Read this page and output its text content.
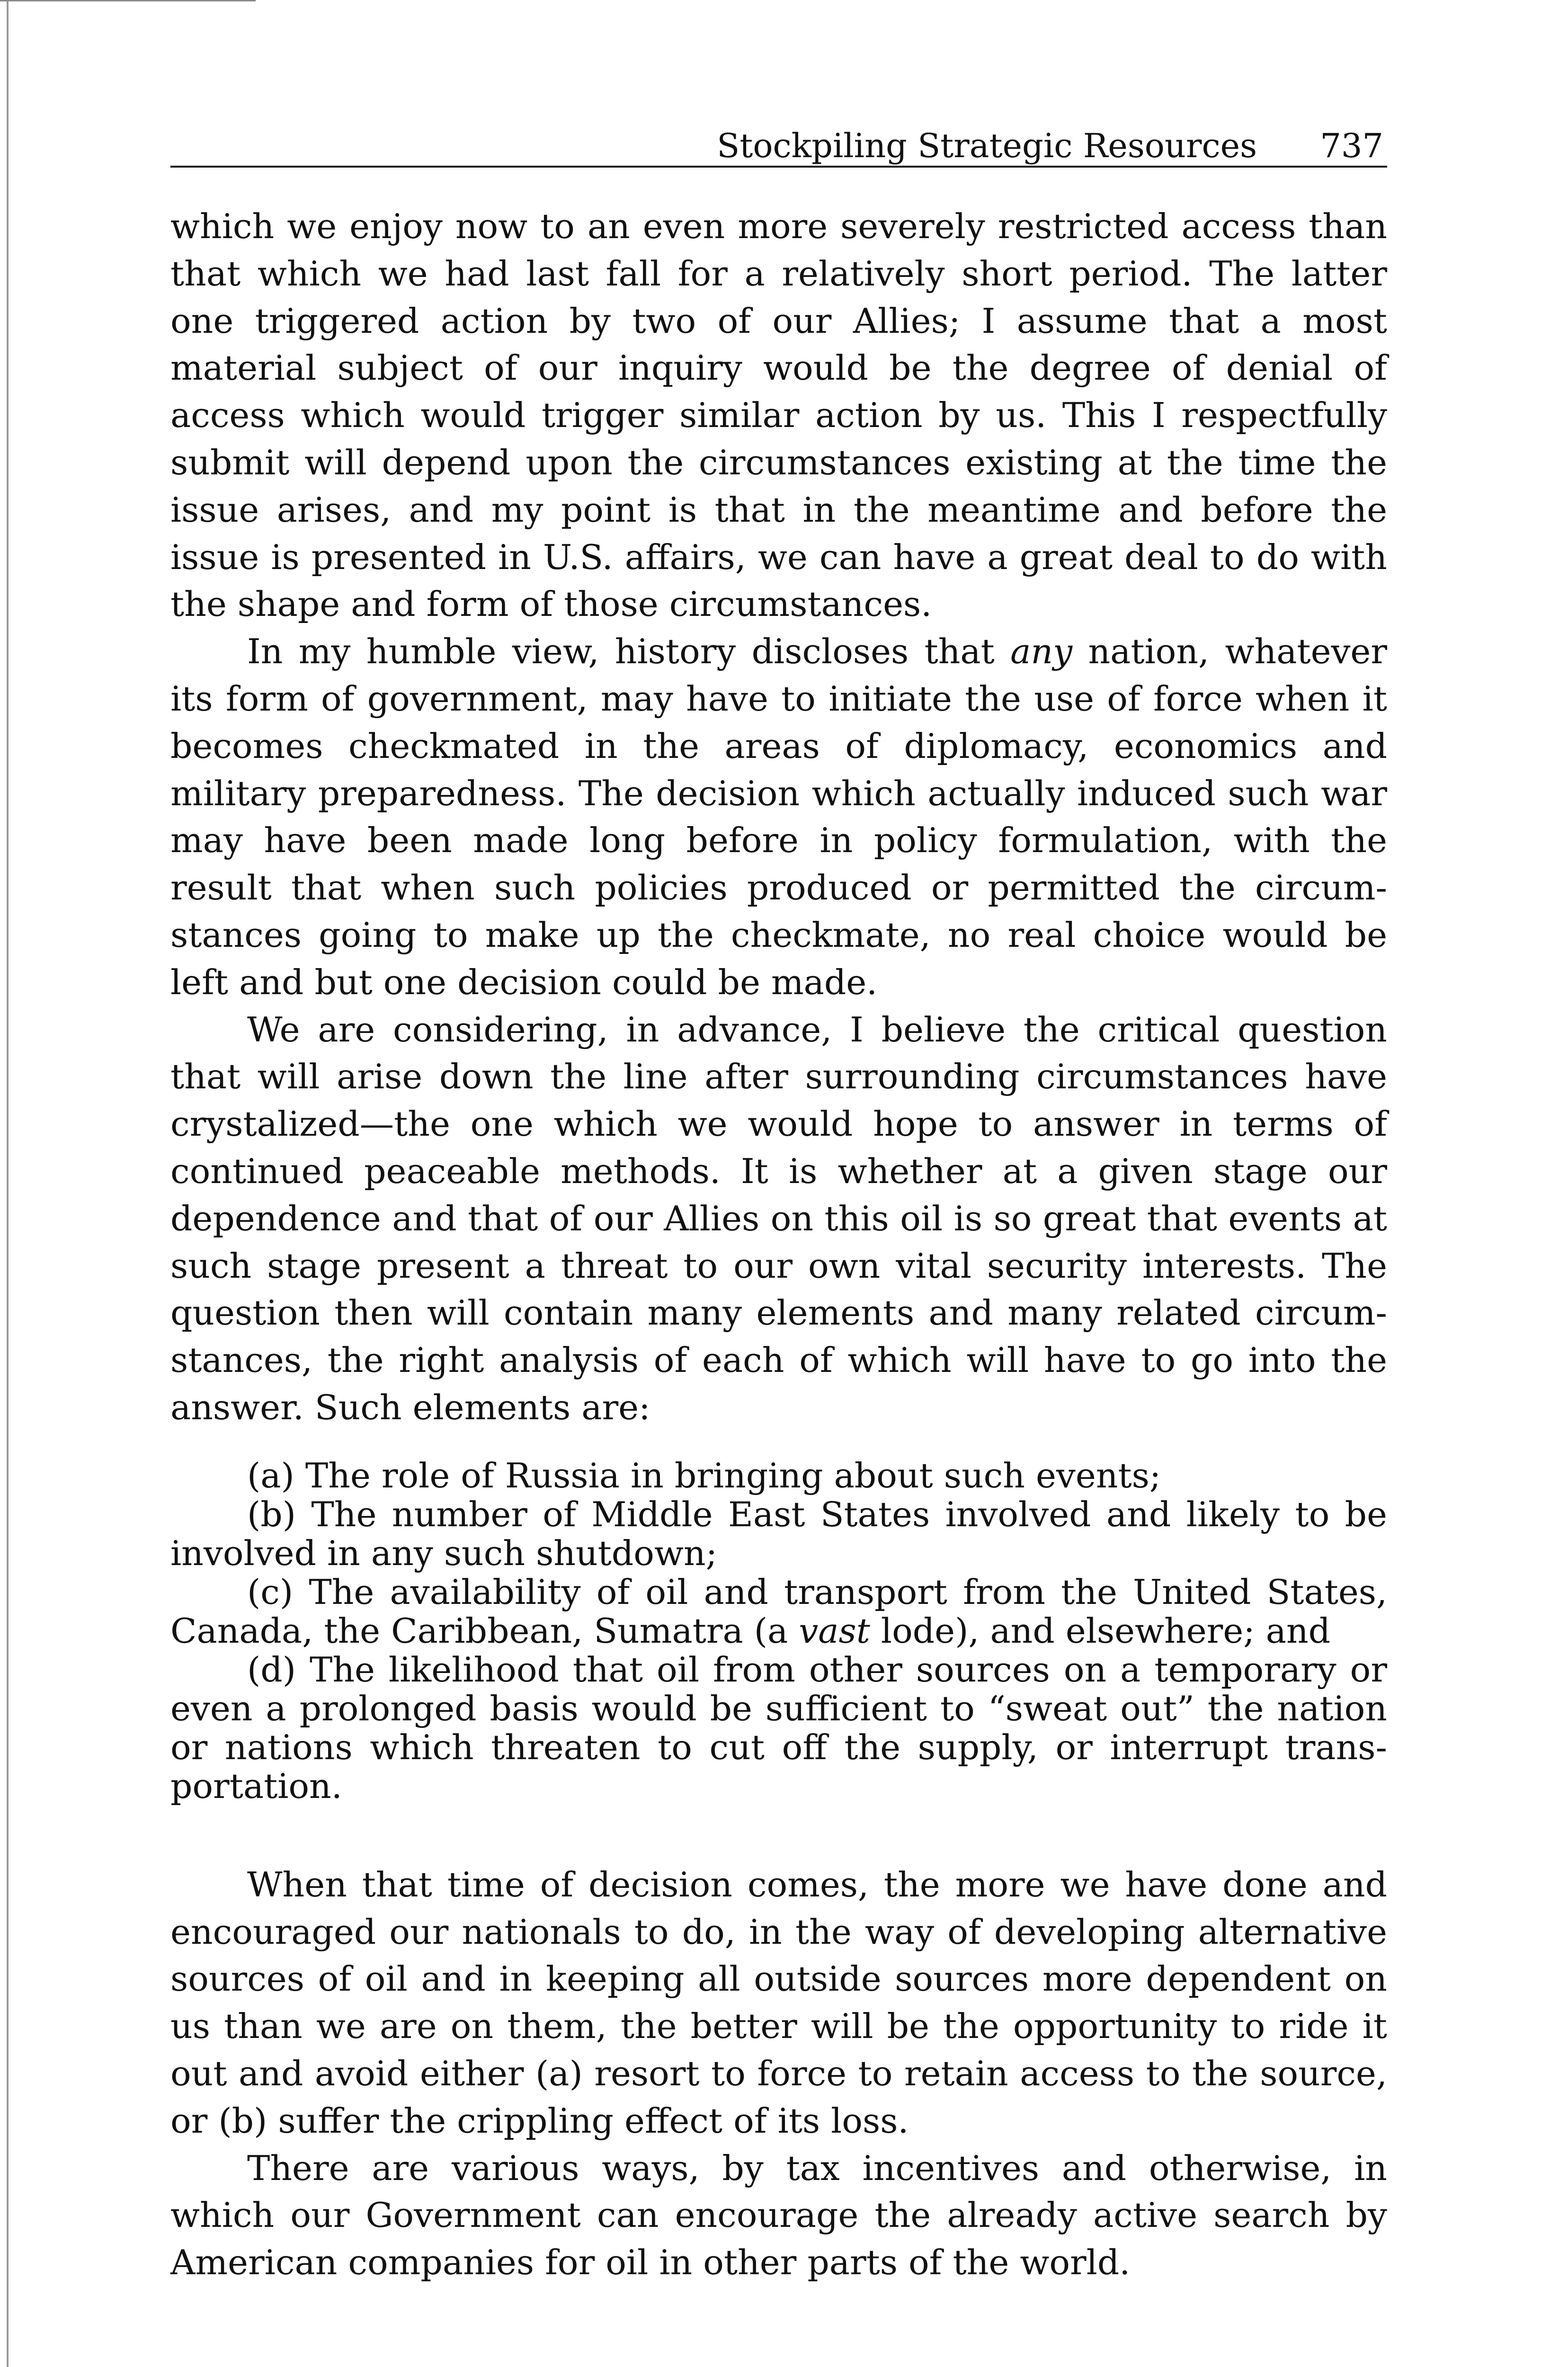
Stockpiling Strategic Resources 737

which we enjoy now to an even more severely restricted access than that which we had last fall for a relatively short period. The latter one triggered action by two of our Allies; I assume that a most material subject of our inquiry would be the degree of denial of access which would trigger similar action by us. This I respectfully submit will depend upon the circumstances existing at the time the issue arises, and my point is that in the meantime and before the issue is presented in U.S. affairs, we can have a great deal to do with the shape and form of those circumstances.

In my humble view, history discloses that any nation, whatever its form of government, may have to initiate the use of force when it becomes checkmated in the areas of diplomacy, economics and military preparedness. The decision which actually induced such war may have been made long before in policy formulation, with the result that when such policies produced or permitted the circumstances going to make up the checkmate, no real choice would be left and but one decision could be made.

We are considering, in advance, I believe the critical question that will arise down the line after surrounding circumstances have crystalized—the one which we would hope to answer in terms of continued peaceable methods. It is whether at a given stage our dependence and that of our Allies on this oil is so great that events at such stage present a threat to our own vital security interests. The question then will contain many elements and many related circumstances, the right analysis of each of which will have to go into the answer. Such elements are:

(a) The role of Russia in bringing about such events;

(b) The number of Middle East States involved and likely to be involved in any such shutdown;

(c) The availability of oil and transport from the United States, Canada, the Caribbean, Sumatra (a vast lode), and elsewhere; and

(d) The likelihood that oil from other sources on a temporary or even a prolonged basis would be sufficient to “sweat out” the nation or nations which threaten to cut off the supply, or interrupt transportation.

When that time of decision comes, the more we have done and encouraged our nationals to do, in the way of developing alternative sources of oil and in keeping all outside sources more dependent on us than we are on them, the better will be the opportunity to ride it out and avoid either (a) resort to force to retain access to the source, or (b) suffer the crippling effect of its loss.

There are various ways, by tax incentives and otherwise, in which our Government can encourage the already active search by American companies for oil in other parts of the world.
